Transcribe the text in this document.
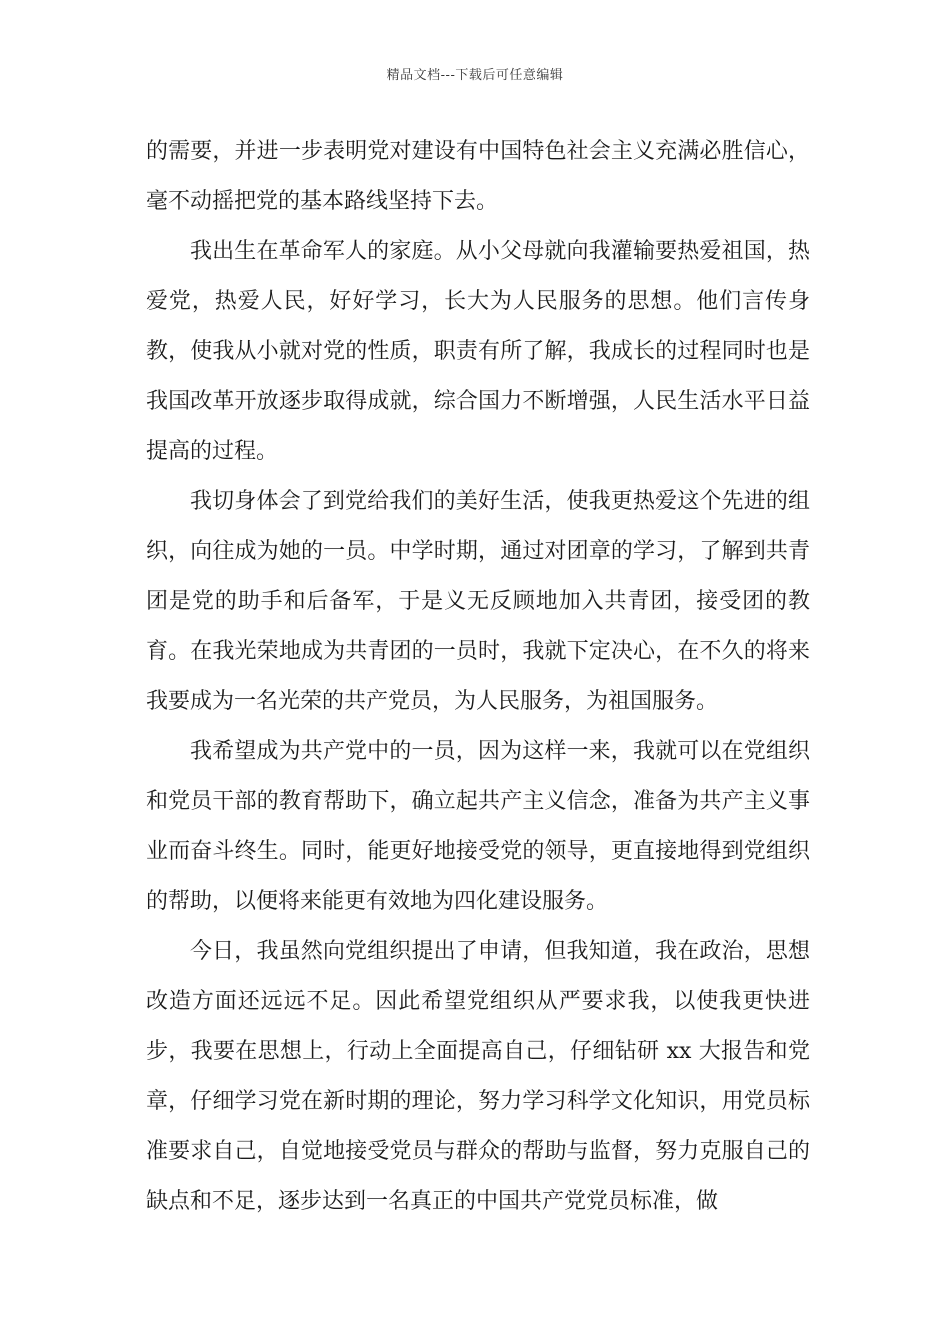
精品文档---下载后可任意编辑

的需要，并进一步表明党对建设有中国特色社会主义充满必胜信心，毫不动摇把党的基本路线坚持下去。

我出生在革命军人的家庭。从小父母就向我灌输要热爱祖国，热爱党，热爱人民，好好学习，长大为人民服务的思想。他们言传身教，使我从小就对党的性质，职责有所了解，我成长的过程同时也是我国改革开放逐步取得成就，综合国力不断增强，人民生活水平日益提高的过程。

我切身体会了到党给我们的美好生活，使我更热爱这个先进的组织，向往成为她的一员。中学时期，通过对团章的学习，了解到共青团是党的助手和后备军，于是义无反顾地加入共青团，接受团的教育。在我光荣地成为共青团的一员时，我就下定决心，在不久的将来我要成为一名光荣的共产党员，为人民服务，为祖国服务。

我希望成为共产党中的一员，因为这样一来，我就可以在党组织和党员干部的教育帮助下，确立起共产主义信念，准备为共产主义事业而奋斗终生。同时，能更好地接受党的领导，更直接地得到党组织的帮助，以便将来能更有效地为四化建设服务。

今日，我虽然向党组织提出了申请，但我知道，我在政治，思想改造方面还远远不足。因此希望党组织从严要求我，以使我更快进步，我要在思想上，行动上全面提高自己，仔细钻研 xx 大报告和党章，仔细学习党在新时期的理论，努力学习科学文化知识，用党员标准要求自己，自觉地接受党员与群众的帮助与监督，努力克服自己的缺点和不足，逐步达到一名真正的中国共产党党员标准，做
